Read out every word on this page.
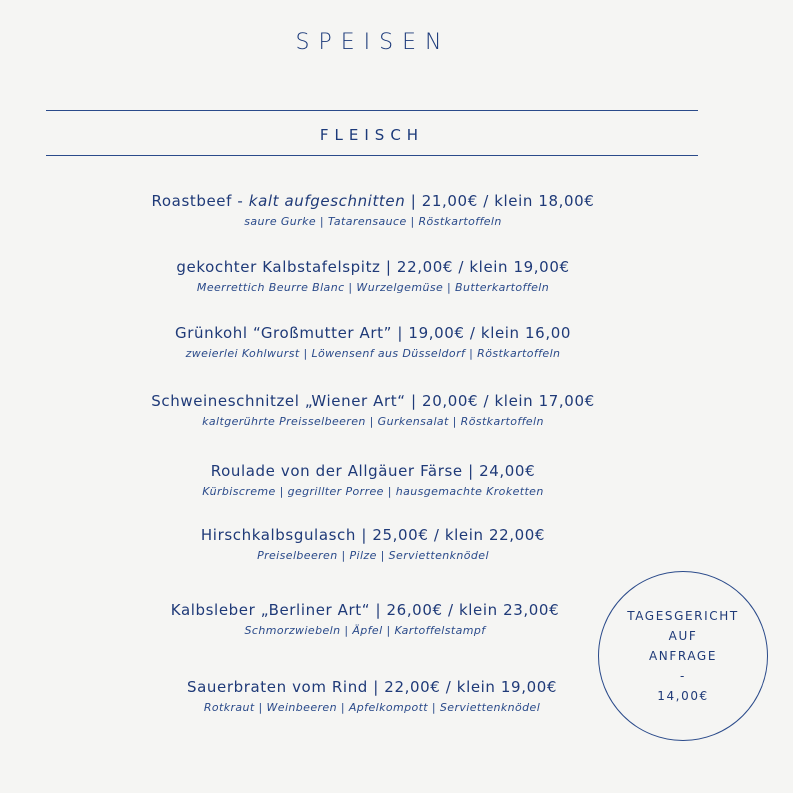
SPEISEN
FLEISCH
Roastbeef - kalt aufgeschnitten | 21,00€ / klein 18,00€
saure Gurke | Tatarensauce | Röstkartoffeln
gekochter Kalbstafelspitz | 22,00€ / klein 19,00€
Meerrettich Beurre Blanc | Wurzelgemüse | Butterkartoffeln
Grünkohl “Großmutter Art” | 19,00€ / klein 16,00
zweierlei Kohlwurst | Löwensenf aus Düsseldorf | Röstkartoffeln
Schweineschnitzel „Wiener Art“ | 20,00€ / klein 17,00€
kaltgerührte Preisselbeeren | Gurkensalat | Röstkartoffeln
Roulade von der Allgäuer Färse | 24,00€
Kürbiscreme | gegrillter Porree | hausgemachte Kroketten
Hirschkalbsgulasch | 25,00€ / klein 22,00€
Preiselbeeren | Pilze | Serviettenknödel
Kalbsleber „Berliner Art“ | 26,00€ / klein 23,00€
Schmorzwiebeln | Äpfel | Kartoffelstampf
Sauerbraten vom Rind | 22,00€ / klein 19,00€
Rotkraut | Weinbeeren | Apfelkompott | Serviettenknödel
TAGESGERICHT
AUF
ANFRAGE
-
14,00€
